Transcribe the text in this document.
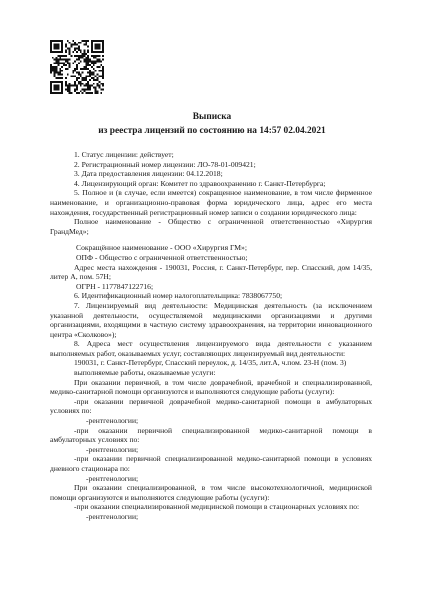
Выписка
из реестра лицензий по состоянию на 14:57 02.04.2021

1. Статус лицензии: действует;

2. Регистрационный номер лицензии: ЛО-78-01-009421;

3. Дата предоставления лицензии: 04.12.2018;

4. Лицензирующий орган: Комитет по здравоохранению г. Санкт-Петербурга;

5. Полное и (в случае, если имеется) сокращенное наименование, в том числе фирменное наименование, и организационно-правовая форма юридического лица, адрес его места нахождения, государственный регистрационный номер записи о создании юридического лица:

Полное наименование - Общество с ограниченной ответственностью «Хирургия ГрандМед»;

Сокращённое наименование - ООО «Хирургия ГМ»;

ОПФ - Общество с ограниченной ответственностью;

Адрес места нахождения - 190031, Россия, г. Санкт-Петербург, пер. Спасский, дом 14/35, литер А, пом. 57Н;

ОГРН - 1177847122716;

6. Идентификационный номер налогоплательщика: 7838067750;

7. Лицензируемый вид деятельности: Медицинская деятельность (за исключением указанной деятельности, осуществляемой медицинскими организациями и другими организациями, входящими в частную систему здравоохранения, на территории инновационного центра «Сколково»);

8. Адреса мест осуществления лицензируемого вида деятельности с указанием выполняемых работ, оказываемых услуг, составляющих лицензируемый вид деятельности:

190031, г. Санкт-Петербург, Спасский переулок, д. 14/35, лит.А, ч.пом. 23-Н (пом. 3)

выполняемые работы, оказываемые услуги:

При оказании первичной, в том числе доврачебной, врачебной и специализированной, медико-санитарной помощи организуются и выполняются следующие работы (услуги):

-при оказании первичной доврачебной медико-санитарной помощи в амбулаторных условиях по:

-рентгенологии;

-при оказании первичной специализированной медико-санитарной помощи в амбулаторных условиях по:

-рентгенологии;

-при оказании первичной специализированной медико-санитарной помощи в условиях дневного стационара по:

-рентгенологии;

При оказании специализированной, в том числе высокотехнологичной, медицинской помощи организуются и выполняются следующие работы (услуги):

-при оказании специализированной медицинской помощи в стационарных условиях по:

-рентгенологии;
